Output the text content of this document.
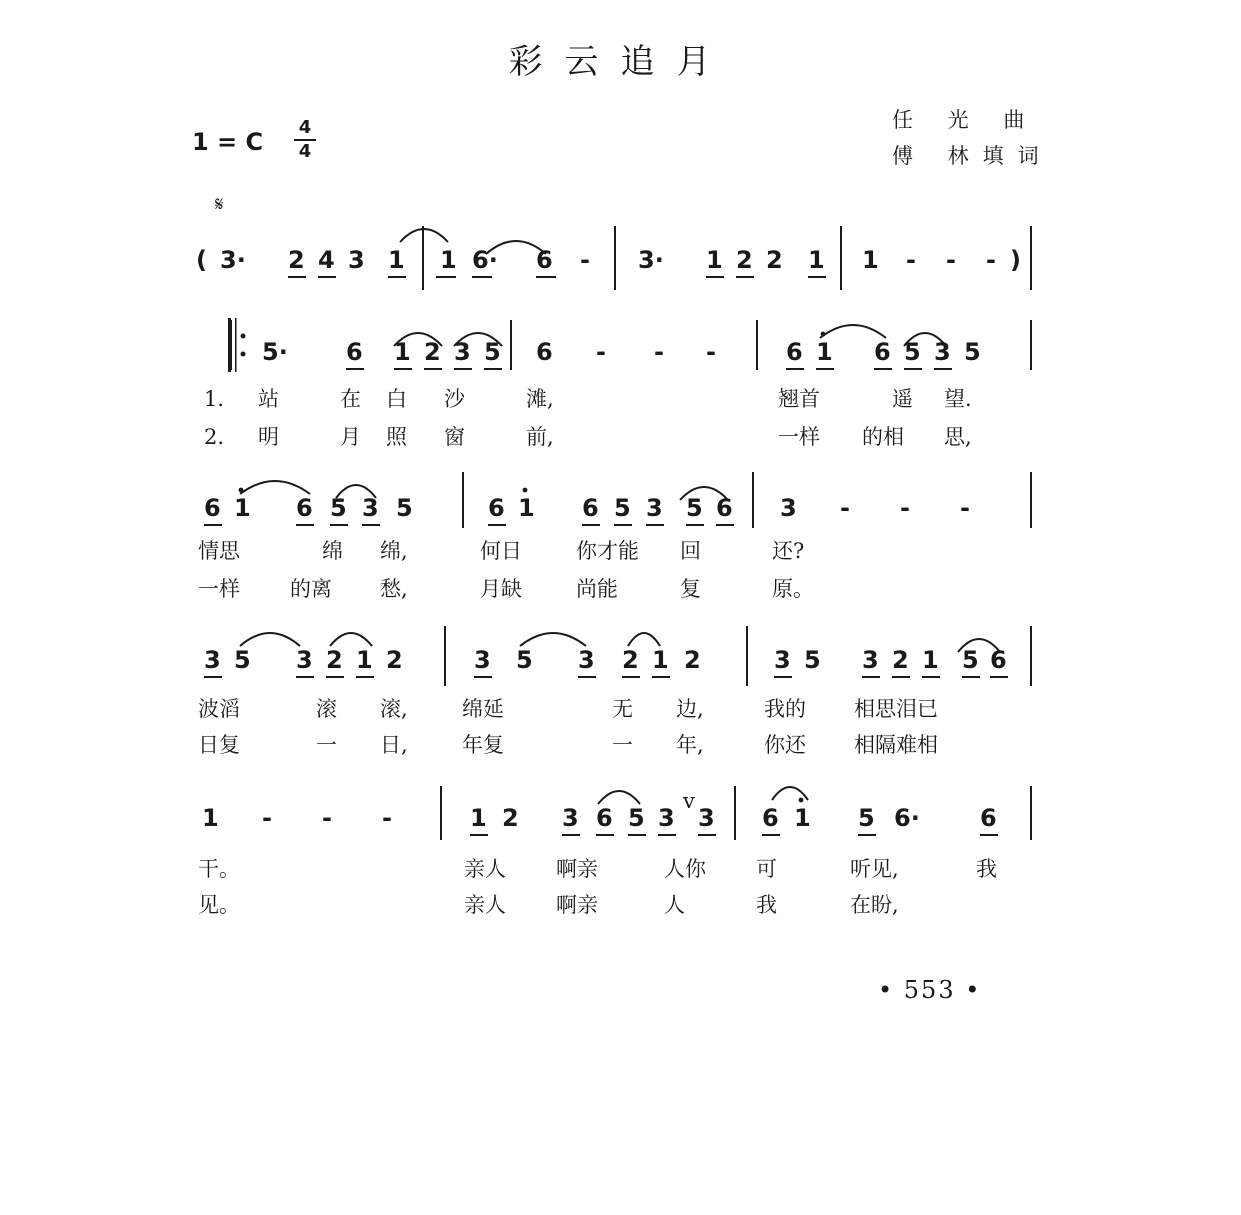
彩云追月
1 = C
4
4
任 光 曲
傅 林填词
𝄋
( 3· 2 4 3 1 1 6· 6 - 3· 1 2 2 1 1 - - - )
5· 6 1 2 3 5 6 - - -	6 1 6 5 3 5
1. 站	在 白 沙	滩,	翘首	遥 望.
2. 明	月 照 窗	前,	一样 的相 思,
6 1 6 5 3 5	6 1 6 5 3 5 6 3 - - -
情思	绵 绵,	何日	你才能 回	还?
一样 的离 愁,	月缺	尚能	复	原。
3 5 3 2 1 2	3 5 3 2 1 2	3 5 3 2 1 5 6
波滔	滚 滚,	绵延	无 边,	我的 相思泪已
日复	一 日,	年复	一 年,	你还 相隔难相
1 - - -	1 2 3 6 5 3 3 6 1 5 6·	6
干。	亲人 啊亲	人你 可	听见,	我
见。	亲人 啊亲	人	我	在盼,
v
• 553 •
